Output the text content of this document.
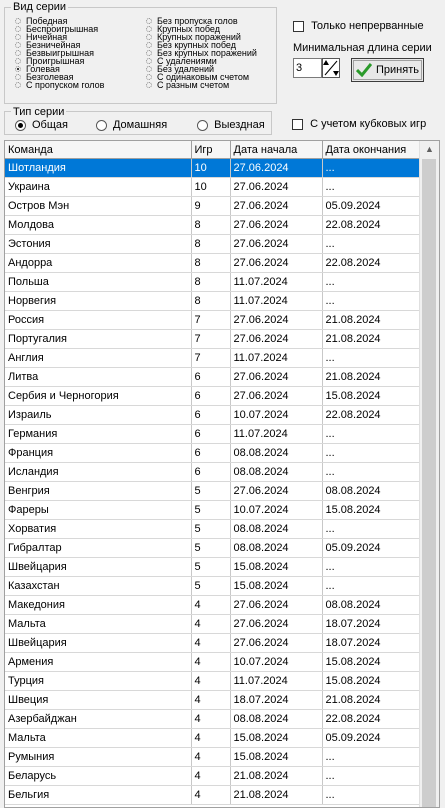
Вид серии
Победная
Беспроигрышная
Ничейная
Безничейная
Безвыигрышная
Проигрышная
Голевая
Безголевая
С пропуском голов
Без пропуска голов
Крупных побед
Крупных поражений
Без крупных побед
Без крупных поражений
С удалениями
Без удалений
С одинаковым счетом
С разным счетом
Только непрерванные
Минимальная длина серии
3
Принять
Тип серии
Общая	Домашняя	Выездная	С учетом кубковых игр
Команда	Игр	Дата начала	Дата окончания
Шотландия	10	27.06.2024	...
Украина	10	27.06.2024	...
Остров Мэн	9	27.06.2024	05.09.2024
Молдова	8	27.06.2024	22.08.2024
Эстония	8	27.06.2024	...
Андорра	8	27.06.2024	22.08.2024
Польша	8	11.07.2024	...
Норвегия	8	11.07.2024	...
Россия	7	27.06.2024	21.08.2024
Португалия	7	27.06.2024	21.08.2024
Англия	7	11.07.2024	...
Литва	6	27.06.2024	21.08.2024
Сербия и Черногория	6	27.06.2024	15.08.2024
Израиль	6	10.07.2024	22.08.2024
Германия	6	11.07.2024	...
Франция	6	08.08.2024	...
Исландия	6	08.08.2024	...
Венгрия	5	27.06.2024	08.08.2024
Фареры	5	10.07.2024	15.08.2024
Хорватия	5	08.08.2024	...
Гибралтар	5	08.08.2024	05.09.2024
Швейцария	5	15.08.2024	...
Казахстан	5	15.08.2024	...
Македония	4	27.06.2024	08.08.2024
Мальта	4	27.06.2024	18.07.2024
Швейцария	4	27.06.2024	18.07.2024
Армения	4	10.07.2024	15.08.2024
Турция	4	11.07.2024	15.08.2024
Швеция	4	18.07.2024	21.08.2024
Азербайджан	4	08.08.2024	22.08.2024
Мальта	4	15.08.2024	05.09.2024
Румыния	4	15.08.2024	...
Беларусь	4	21.08.2024	...
Бельгия	4	21.08.2024	...
▲
